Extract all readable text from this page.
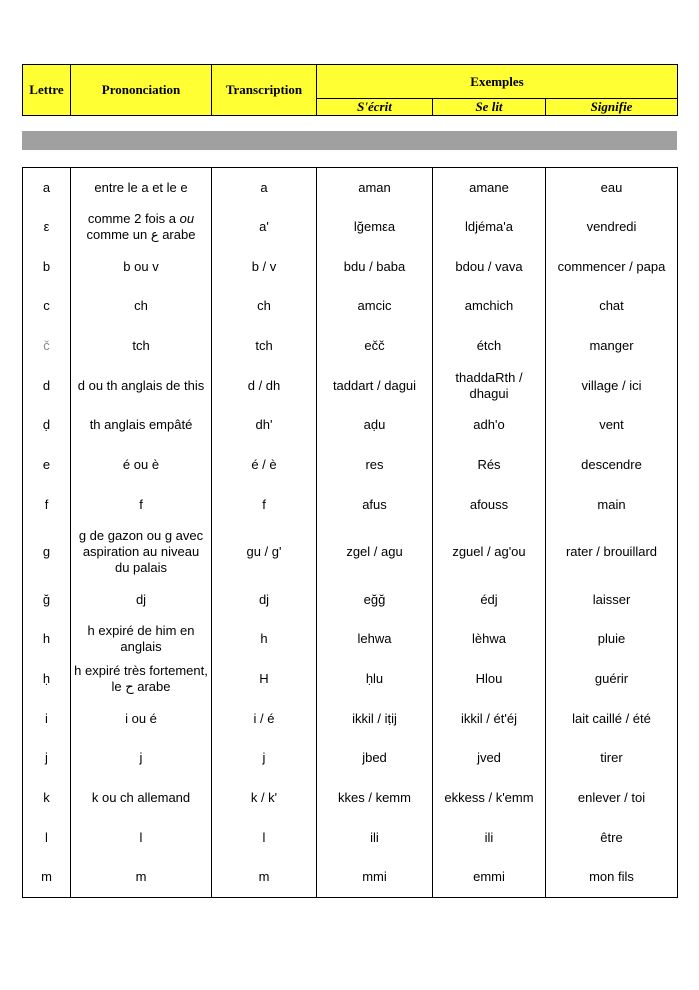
Lettre	Prononciation	Transcription	Exemples		
			S'écrit	Se lit	Signifie
a	entre le a et le e	a	aman	amane	eau
ε	comme 2 fois a ou
comme un ع arabe	a'	lğemεa	ldjéma'a	vendredi
b	b ou v	b / v	bdu / baba	bdou / vava	commencer / papa
c	ch	ch	amcic	amchich	chat
č	tch	tch	ečč	étch	manger
d	d ou th anglais de this	d / dh	taddart / dagui	thaddaRth / dhagui	village / ici
ḍ	th anglais empâté	dh'	aḍu	adh'o	vent
e	é ou è	é / è	res	Rés	descendre
f	f	f	afus	afouss	main
g	g de gazon ou g avec aspiration au niveau du palais	gu / g'	zgel / agu	zguel / ag'ou	rater / brouillard
ğ	dj	dj	eğğ	édj	laisser
h	h expiré de him en anglais	h	lehwa	lèhwa	pluie
ḥ	h expiré très fortement, le ح arabe	H	ḥlu	Hlou	guérir
i	i ou é	i / é	ikkil / iṭij	ikkil / ét'éj	lait caillé / été
j	j	j	jbed	jved	tirer
k	k ou ch allemand	k / k'	kkes / kemm	ekkess / k'emm	enlever / toi
l	l	l	ili	ili	être
m	m	m	mmi	emmi	mon fils
